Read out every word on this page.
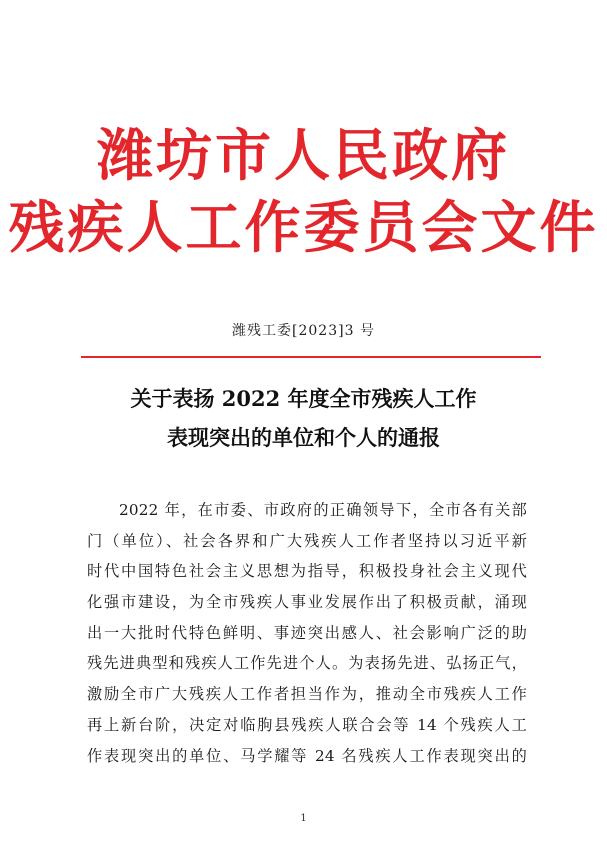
潍坊市人民政府
残疾人工作委员会文件
潍残工委[2023]3 号
关于表扬 2022 年度全市残疾人工作
表现突出的单位和个人的通报
2022 年，在市委、市政府的正确领导下，全市各有关部
门（单位）、社会各界和广大残疾人工作者坚持以习近平新
时代中国特色社会主义思想为指导，积极投身社会主义现代
化强市建设，为全市残疾人事业发展作出了积极贡献，涌现
出一大批时代特色鲜明、事迹突出感人、社会影响广泛的助
残先进典型和残疾人工作先进个人。为表扬先进、弘扬正气，
激励全市广大残疾人工作者担当作为，推动全市残疾人工作
再上新台阶，决定对临朐县残疾人联合会等 14 个残疾人工
作表现突出的单位、马学耀等 24 名残疾人工作表现突出的
1
